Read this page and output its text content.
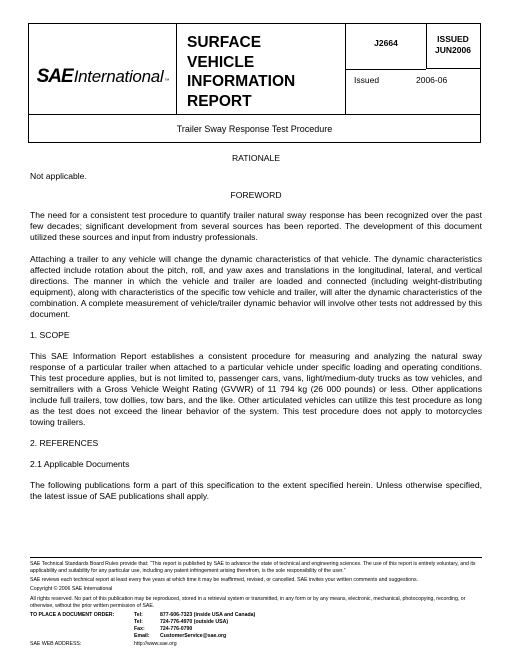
SAE International ™
SURFACE
VEHICLE
INFORMATION
REPORT
J2664	ISSUED
JUN2006
Issued	2006-06
Trailer Sway Response Test Procedure

RATIONALE

Not applicable.

FOREWORD

The need for a consistent test procedure to quantify trailer natural sway response has been recognized over the past few decades; significant development from several sources has been reported. The development of this document utilized these sources and input from industry professionals.

Attaching a trailer to any vehicle will change the dynamic characteristics of that vehicle. The dynamic characteristics affected include rotation about the pitch, roll, and yaw axes and translations in the longitudinal, lateral, and vertical directions. The manner in which the vehicle and trailer are loaded and connected (including weight-distributing equipment), along with characteristics of the specific tow vehicle and trailer, will alter the dynamic characteristics of the combination. A complete measurement of vehicle/trailer dynamic behavior will involve other tests not addressed by this document.

1. SCOPE

This SAE Information Report establishes a consistent procedure for measuring and analyzing the natural sway response of a particular trailer when attached to a particular vehicle under specific loading and operating conditions. This test procedure applies, but is not limited to, passenger cars, vans, light/medium-duty trucks as tow vehicles, and semitrailers with a Gross Vehicle Weight Rating (GVWR) of 11 794 kg (26 000 pounds) or less. Other applications include full trailers, tow dollies, tow bars, and the like. Other articulated vehicles can utilize this test procedure as long as the test does not exceed the linear behavior of the system. This test procedure does not apply to motorcycles towing trailers.

2. REFERENCES

2.1 Applicable Documents

The following publications form a part of this specification to the extent specified herein. Unless otherwise specified, the latest issue of SAE publications shall apply.

SAE Technical Standards Board Rules provide that: “This report is published by SAE to advance the state of technical and engineering sciences. The use of this report is entirely voluntary, and its applicability and suitability for any particular use, including any patent infringement arising therefrom, is the sole responsibility of the user.”

SAE reviews each technical report at least every five years at which time it may be reaffirmed, revised, or cancelled. SAE invites your written comments and suggestions.

Copyright © 2006 SAE International

All rights reserved. No part of this publication may be reproduced, stored in a retrieval system or transmitted, in any form or by any means, electronic, mechanical, photocopying, recording, or otherwise, without the prior written permission of SAE.

TO PLACE A DOCUMENT ORDER:	Tel:	877-606-7323 (inside USA and Canada)
Tel:	724-776-4970 (outside USA)
Fax:	724-776-0790
Email:	CustomerService@sae.org
SAE WEB ADDRESS:	http://www.sae.org
